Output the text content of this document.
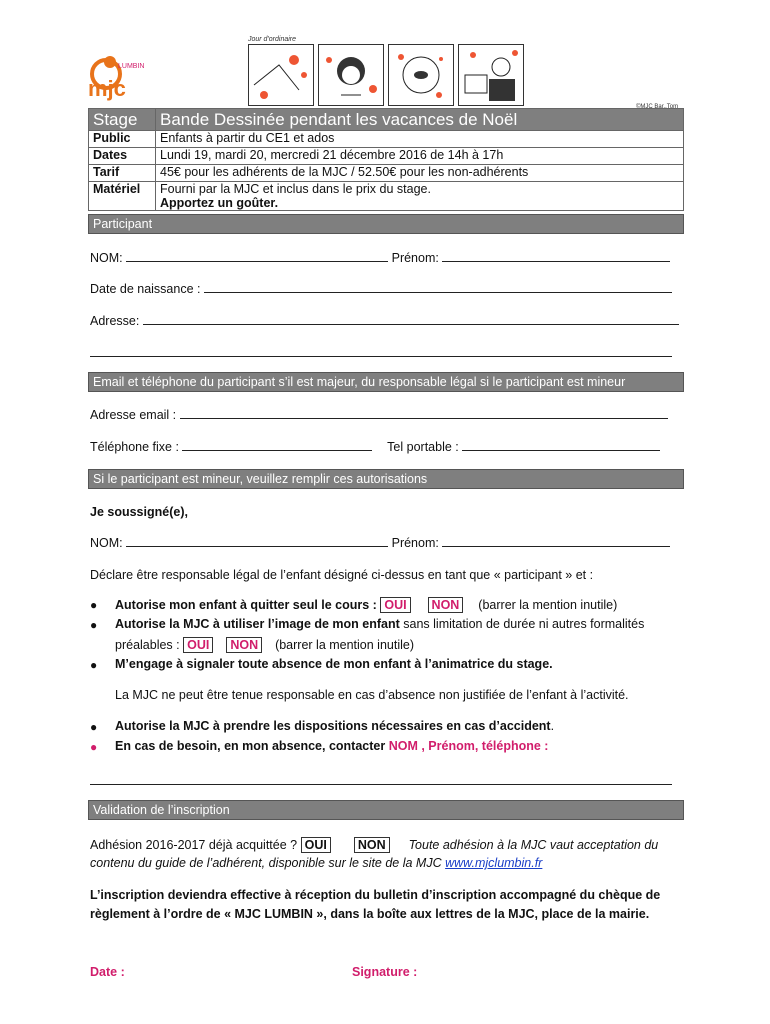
mjc
LUMBIN
Jour d'ordinaire
©MJC Bar..Tom
Stage	Bande Dessinée pendant les vacances de Noël
Public	Enfants à partir du CE1 et ados
Dates	Lundi 19, mardi 20, mercredi 21 décembre 2016 de 14h à 17h
Tarif	45€ pour les adhérents de la MJC / 52.50€ pour les non-adhérents
Matériel	Fourni par la MJC et inclus dans le prix du stage.
Apportez un goûter.
Participant
NOM:	Prénom:
Date de naissance :
Adresse:
Email et téléphone du participant s’il est majeur, du responsable légal si le participant est mineur
Adresse email :
Téléphone fixe :	Tel portable :
Si le participant est mineur, veuillez remplir ces autorisations
Je soussigné(e),
NOM:	Prénom:
Déclare être responsable légal de l’enfant désigné ci-dessus en tant que « participant » et :
●	Autorise mon enfant à quitter seul le cours : OUI NON (barrer la mention inutile)
●	Autorise la MJC à utiliser l’image de mon enfant sans limitation de durée ni autres formalités
préalables : OUI NON (barrer la mention inutile)
●	M’engage à signaler toute absence de mon enfant à l’animatrice du stage.
La MJC ne peut être tenue responsable en cas d’absence non justifiée de l’enfant à l’activité.
●	Autorise la MJC à prendre les dispositions nécessaires en cas d’accident.
●	En cas de besoin, en mon absence, contacter NOM , Prénom, téléphone :
Validation de l’inscription
Adhésion 2016-2017 déjà acquittée ? OUI NON Toute adhésion à la MJC vaut acceptation du
contenu du guide de l’adhérent, disponible sur le site de la MJC www.mjclumbin.fr
L’inscription deviendra effective à réception du bulletin d’inscription accompagné du chèque de
règlement à l’ordre de « MJC LUMBIN », dans la boîte aux lettres de la MJC, place de la mairie.
Date :	Signature :
